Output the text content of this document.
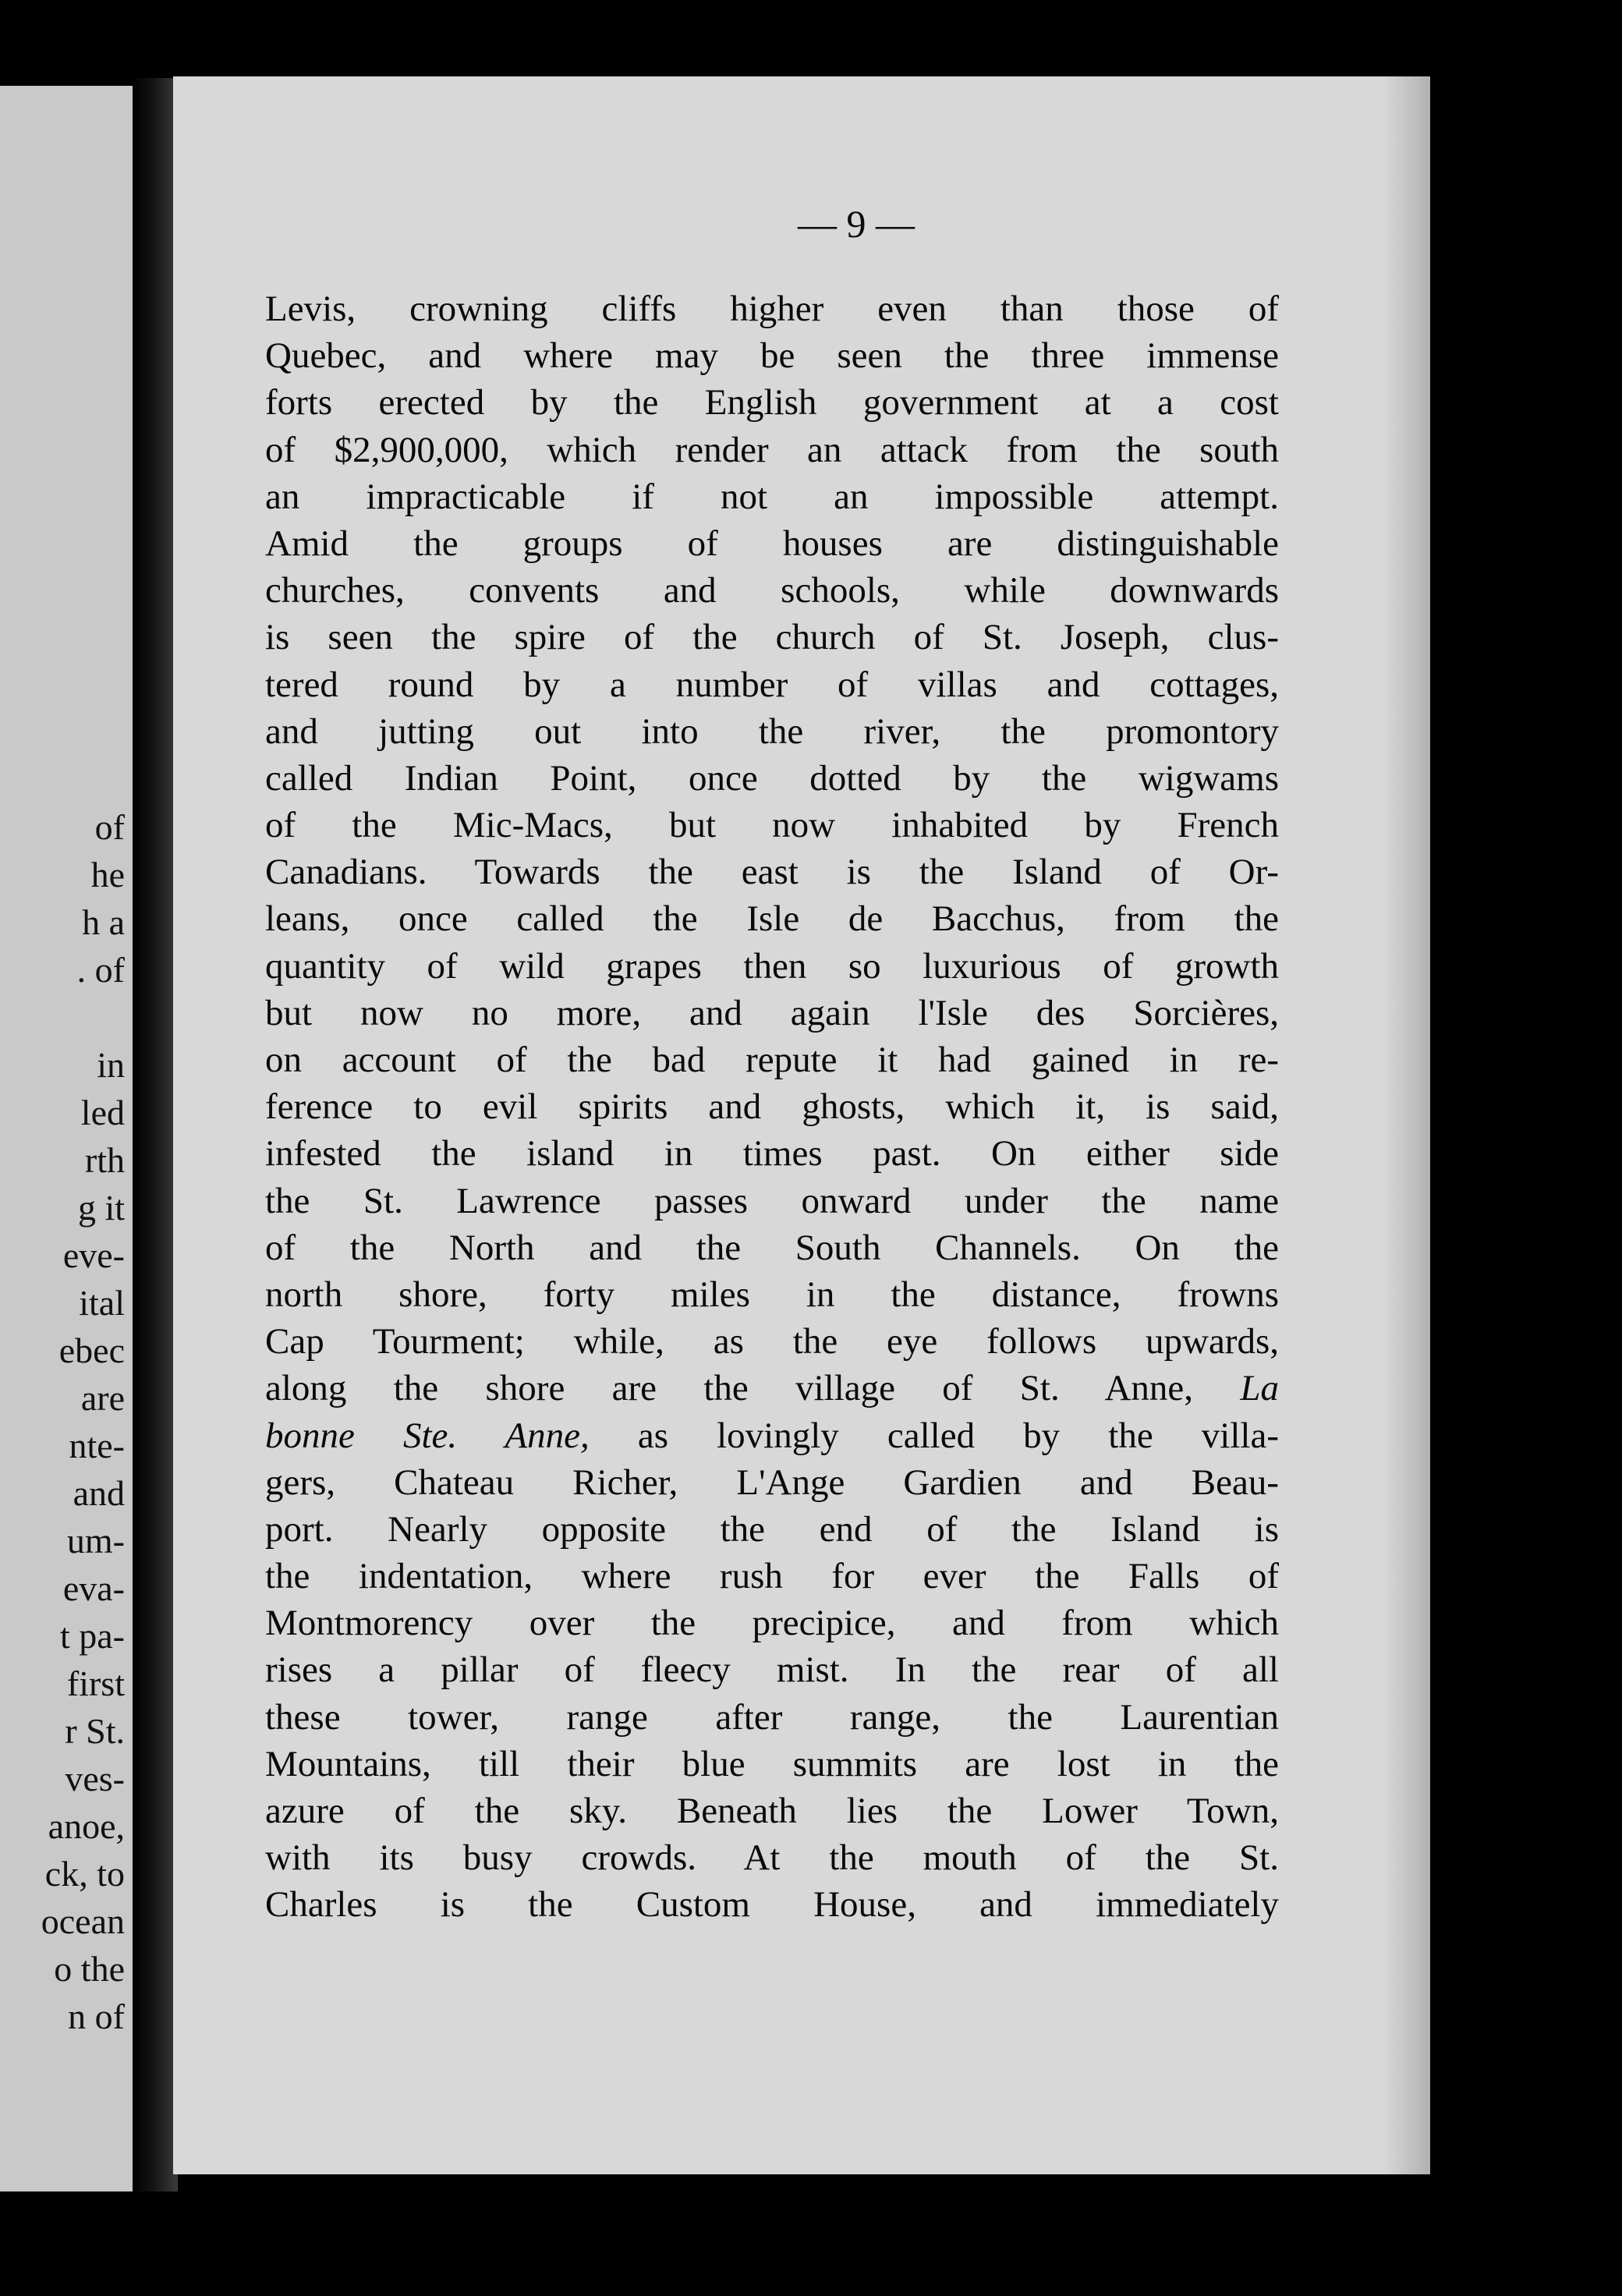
of
he
h a
. of

in
led
rth
g it
eve-
ital
ebec
are
nte-
and
um-
eva-
t pa-
first
r St.
ves-
anoe,
ck, to
ocean
o the
n of
— 9 —
Levis, crowning cliffs higher even than those of
Quebec, and where may be seen the three immense
forts erected by the English government at a cost
of $2,900,000, which render an attack from the south
an impracticable if not an impossible attempt.
Amid the groups of houses are distinguishable
churches, convents and schools, while downwards
is seen the spire of the church of St. Joseph, clus-
tered round by a number of villas and cottages,
and jutting out into the river, the promontory
called Indian Point, once dotted by the wigwams
of the Mic-Macs, but now inhabited by French
Canadians. Towards the east is the Island of Or-
leans, once called the Isle de Bacchus, from the
quantity of wild grapes then so luxurious of growth
but now no more, and again l'Isle des Sorcières,
on account of the bad repute it had gained in re-
ference to evil spirits and ghosts, which it, is said,
infested the island in times past. On either side
the St. Lawrence passes onward under the name
of the North and the South Channels. On the
north shore, forty miles in the distance, frowns
Cap Tourment; while, as the eye follows upwards,
along the shore are the village of St. Anne, La
bonne Ste. Anne, as lovingly called by the villa-
gers, Chateau Richer, L'Ange Gardien and Beau-
port. Nearly opposite the end of the Island is
the indentation, where rush for ever the Falls of
Montmorency over the precipice, and from which
rises a pillar of fleecy mist. In the rear of all
these tower, range after range, the Laurentian
Mountains, till their blue summits are lost in the
azure of the sky. Beneath lies the Lower Town,
with its busy crowds. At the mouth of the St.
Charles is the Custom House, and immediately
